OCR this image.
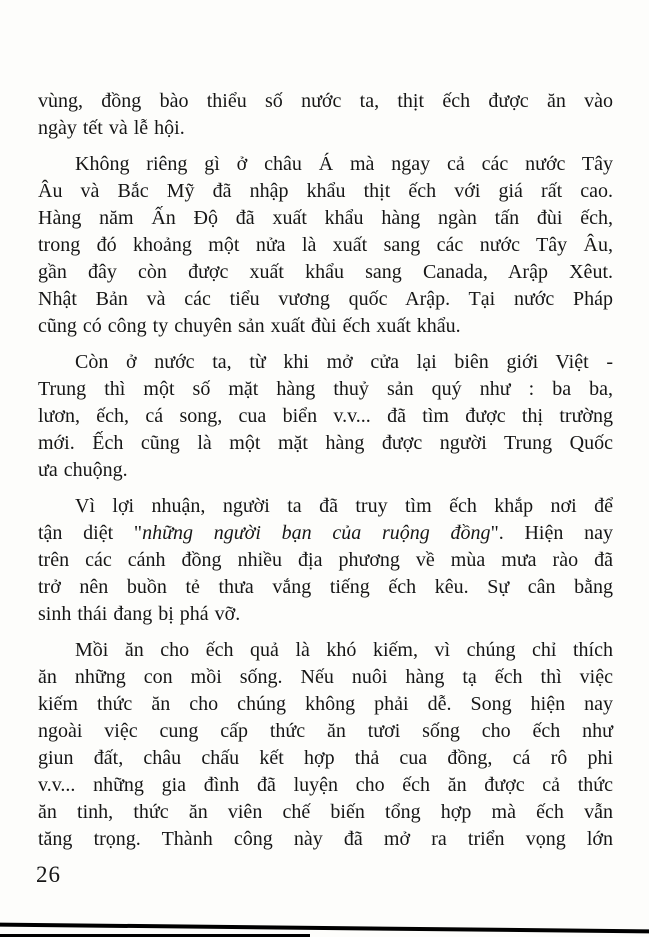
vùng, đồng bào thiểu số nước ta, thịt ếch được ăn vào
ngày tết và lễ hội.
Không riêng gì ở châu Á mà ngay cả các nước Tây
Âu và Bắc Mỹ đã nhập khẩu thịt ếch với giá rất cao.
Hàng năm Ấn Độ đã xuất khẩu hàng ngàn tấn đùi ếch,
trong đó khoảng một nửa là xuất sang các nước Tây Âu,
gần đây còn được xuất khẩu sang Canada, Arập Xêut.
Nhật Bản và các tiểu vương quốc Arập. Tại nước Pháp
cũng có công ty chuyên sản xuất đùi ếch xuất khẩu.
Còn ở nước ta, từ khi mở cửa lại biên giới Việt -
Trung thì một số mặt hàng thuỷ sản quý như : ba ba,
lươn, ếch, cá song, cua biển v.v... đã tìm được thị trường
mới. Ếch cũng là một mặt hàng được người Trung Quốc
ưa chuộng.
Vì lợi nhuận, người ta đã truy tìm ếch khắp nơi để
tận diệt "những người bạn của ruộng đồng". Hiện nay
trên các cánh đồng nhiều địa phương về mùa mưa rào đã
trở nên buồn tẻ thưa vắng tiếng ếch kêu. Sự cân bằng
sinh thái đang bị phá vỡ.
Mồi ăn cho ếch quả là khó kiếm, vì chúng chỉ thích
ăn những con mồi sống. Nếu nuôi hàng tạ ếch thì việc
kiếm thức ăn cho chúng không phải dễ. Song hiện nay
ngoài việc cung cấp thức ăn tươi sống cho ếch như
giun đất, châu chấu kết hợp thả cua đồng, cá rô phi
v.v... những gia đình đã luyện cho ếch ăn được cả thức
ăn tinh, thức ăn viên chế biến tổng hợp mà ếch vẫn
tăng trọng. Thành công này đã mở ra triển vọng lớn
26
